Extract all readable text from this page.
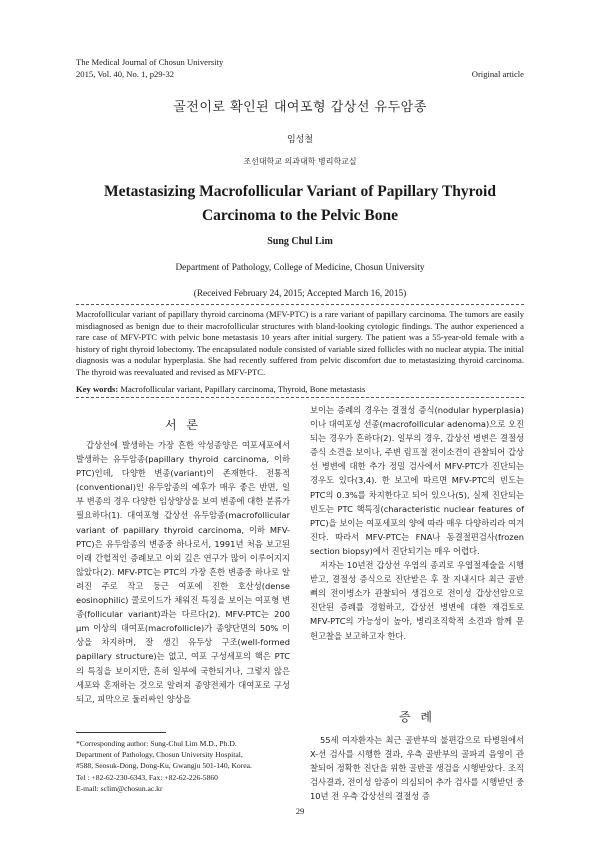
The Medical Journal of Chosun University
2015, Vol. 40, No. 1, p29-32	Original article
골전이로 확인된 대여포형 갑상선 유두암종
임성철
조선대학교 의과대학 병리학교실
Metastasizing Macrofollicular Variant of Papillary Thyroid
Carcinoma to the Pelvic Bone
Sung Chul Lim
Department of Pathology, College of Medicine, Chosun University
(Received February 24, 2015; Accepted March 16, 2015)

Macrofollicular variant of papillary thyroid carcinoma (MFV-PTC) is a rare variant of papillary carcinoma. The tumors are easily misdiagnosed as benign due to their macrofollicular structures with bland-looking cytologic findings. The author experienced a rare case of MFV-PTC with pelvic bone metastasis 10 years after initial surgery. The patient was a 55-year-old female with a history of right thyroid lobectomy. The encapsulated nodule consisted of variable sized follicles with no nuclear atypia. The initial diagnosis was a nodular hyperplasia. She had recently suffered from pelvic discomfort due to metastasizing thyroid carcinoma. The thyroid was reevaluated and revised as MFV-PTC.

Key words: Macrofollicular variant, Papillary carcinoma, Thyroid, Bone metastasis
서 론

갑상선에 발생하는 가장 흔한 악성종양은 여포세포에서 발생하는 유두암종(papillary thyroid carcinoma, 이하 PTC)인데, 다양한 변종(variant)이 존재한다. 전통적(conventional)인 유두암종의 예후가 매우 좋은 반면, 일부 변종의 경우 다양한 임상양상을 보여 변종에 대한 분류가 필요하다(1). 대여포형 갑상선 유두암종(macrofollicular variant of papillary thyroid carcinoma, 이하 MFV-PTC)은 유두암종의 변종중 하나로서, 1991년 처음 보고된 이래 간헐적인 증례보고 이외 깊은 연구가 많이 이루어지지 않았다(2). MFV-PTC는 PTC의 가장 흔한 변종중 하나로 알려진 주로 작고 둥근 여포에 진한 호산성(dense eosinophilic) 콜로이드가 채워진 특징을 보이는 여포형 변종(follicular variant)과는 다르다(2). MFV-PTC는 200 µm 이상의 대여포(macrofollicle)가 종양단면의 50% 이상을 차지하며, 잘 생긴 유두상 구조(well-formed papillary structure)는 없고, 여포 구성세포의 핵은 PTC의 특징을 보이지만, 흔히 일부에 국한되거나, 그렇지 않은 세포와 혼재하는 것으로 알려져 종양전체가 대여포로 구성되고, 피막으로 둘러싸인 양상을

보이는 증례의 경우는 결절성 증식(nodular hyperplasia)이나 대여포성 선종(macrofollicular adenoma)으로 오진되는 경우가 흔하다(2). 일부의 경우, 갑상선 병변은 결절성 증식 소견을 보이나, 주변 림프절 전이소견이 관찰되어 갑상선 병변에 대한 추가 정밀 검사에서 MFV-PTC가 진단되는 경우도 있다(3,4). 한 보고에 따르면 MFV-PTC의 빈도는 PTC의 0.3%를 차지한다고 되어 있으나(5), 실제 진단되는 빈도는 PTC 핵특징(characteristic nuclear features of PTC)을 보이는 여포세포의 양에 따라 매우 다양하리라 여겨진다. 따라서 MFV-PTC는 FNA나 동결절편검사(frozen section biopsy)에서 진단되기는 매우 어렵다.

저자는 10년전 갑상선 우엽의 종괴로 우엽절제술을 시행받고, 결절성 증식으로 진단받은 후 잘 지내시다 최근 골반뼈의 전이병소가 관찰되어 생검으로 전이성 갑상선암으로 진단된 증례를 경험하고, 갑상선 병변에 대한 재검토로 MFV-PTC의 가능성이 높아, 병리조직학적 소견과 함께 문헌고찰을 보고하고자 한다.

증 례

55세 여자환자는 최근 골반부의 불편감으로 타병원에서 X-선 검사를 시행한 결과, 우측 골반부의 골파괴 음영이 관찰되어 정확한 진단을 위한 골반골 생검을 시행받았다. 조직검사결과, 전이성 암종이 의심되어 추가 검사를 시행받던 중 10년 전 우측 갑상선의 결절성 증

*Corresponding author: Sung-Chul Lim M.D., Ph.D.
Department of Pathology, Chosun University Hospital,
#588, Seosuk-Dong, Dong-Ku, Gwangju 501-140, Korea.
Tel : +82-62-230-6343, Fax: +82-62-226-5860
E-mail: sclim@chosun.ac.kr
29
